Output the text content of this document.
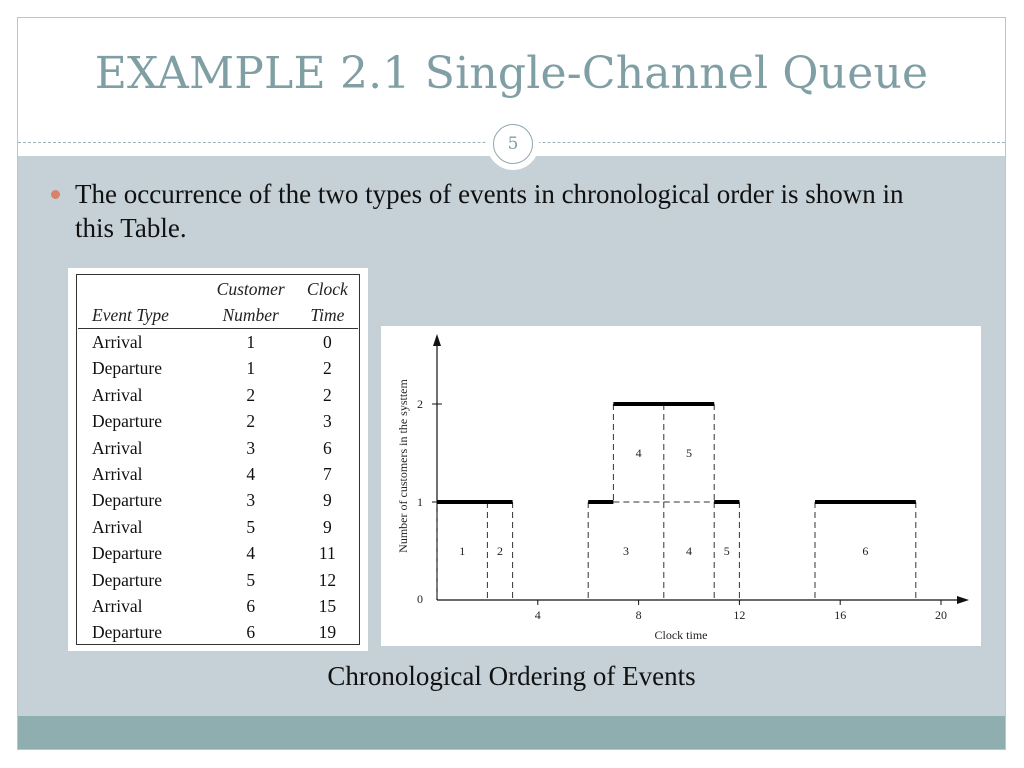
EXAMPLE 2.1 Single-Channel Queue
5
The occurrence of the two types of events in chronological order is shown in this Table.
	Customer	Clock
Event Type	Number	Time
Arrival	1	0
Departure	1	2
Arrival	2	2
Departure	2	3
Arrival	3	6
Arrival	4	7
Departure	3	9
Arrival	5	9
Departure	4	11
Departure	5	12
Arrival	6	15
Departure	6	19
4	8	12	16	20
0
1
2
Clock time
Number of customers in the systtem	1	2	3	4	5	6
4	5
Chronological Ordering of Events
